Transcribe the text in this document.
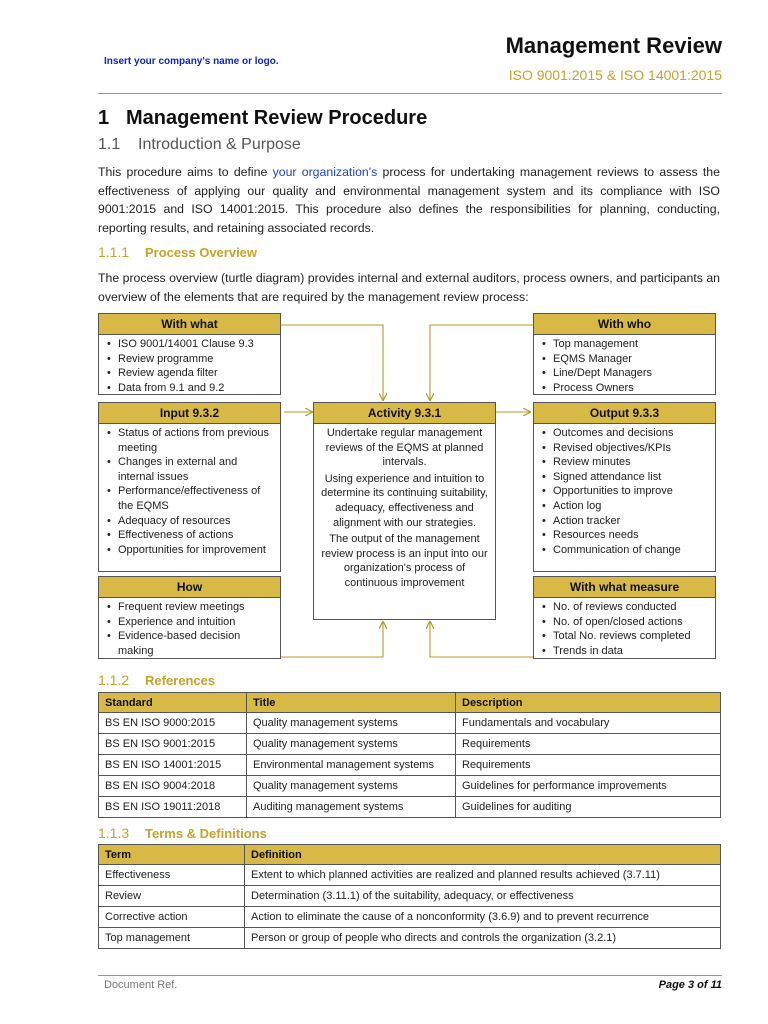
Insert your company's name or logo.
Management Review
ISO 9001:2015 & ISO 14001:2015
1 Management Review Procedure
1.1 Introduction & Purpose
This procedure aims to define your organization's process for undertaking management reviews to assess the effectiveness of applying our quality and environmental management system and its compliance with ISO 9001:2015 and ISO 14001:2015. This procedure also defines the responsibilities for planning, conducting, reporting results, and retaining associated records.
1.1.1 Process Overview
The process overview (turtle diagram) provides internal and external auditors, process owners, and participants an overview of the elements that are required by the management review process:
With what
• ISO 9001/14001 Clause 9.3
• Review programme
• Review agenda filter
• Data from 9.1 and 9.2
With who
• Top management
• EQMS Manager
• Line/Dept Managers
• Process Owners
Input 9.3.2
• Status of actions from previous meeting
• Changes in external and internal issues
• Performance/effectiveness of the EQMS
• Adequacy of resources
• Effectiveness of actions
• Opportunities for improvement
Activity 9.3.1
Undertake regular management reviews of the EQMS at planned intervals.
Using experience and intuition to determine its continuing suitability, adequacy, effectiveness and alignment with our strategies.
The output of the management review process is an input into our organization's process of continuous improvement
Output 9.3.3
• Outcomes and decisions
• Revised objectives/KPIs
• Review minutes
• Signed attendance list
• Opportunities to improve
• Action log
• Action tracker
• Resources needs
• Communication of change
How
• Frequent review meetings
• Experience and intuition
• Evidence-based decision making
With what measure
• No. of reviews conducted
• No. of open/closed actions
• Total No. reviews completed
• Trends in data
1.1.2 References
Standard	Title	Description
BS EN ISO 9000:2015	Quality management systems	Fundamentals and vocabulary
BS EN ISO 9001:2015	Quality management systems	Requirements
BS EN ISO 14001:2015	Environmental management systems	Requirements
BS EN ISO 9004:2018	Quality management systems	Guidelines for performance improvements
BS EN ISO 19011:2018	Auditing management systems	Guidelines for auditing
1.1.3 Terms & Definitions
Term	Definition
Effectiveness	Extent to which planned activities are realized and planned results achieved (3.7.11)
Review	Determination (3.11.1) of the suitability, adequacy, or effectiveness
Corrective action	Action to eliminate the cause of a nonconformity (3.6.9) and to prevent recurrence
Top management	Person or group of people who directs and controls the organization (3.2.1)
Document Ref.	Page 3 of 11
